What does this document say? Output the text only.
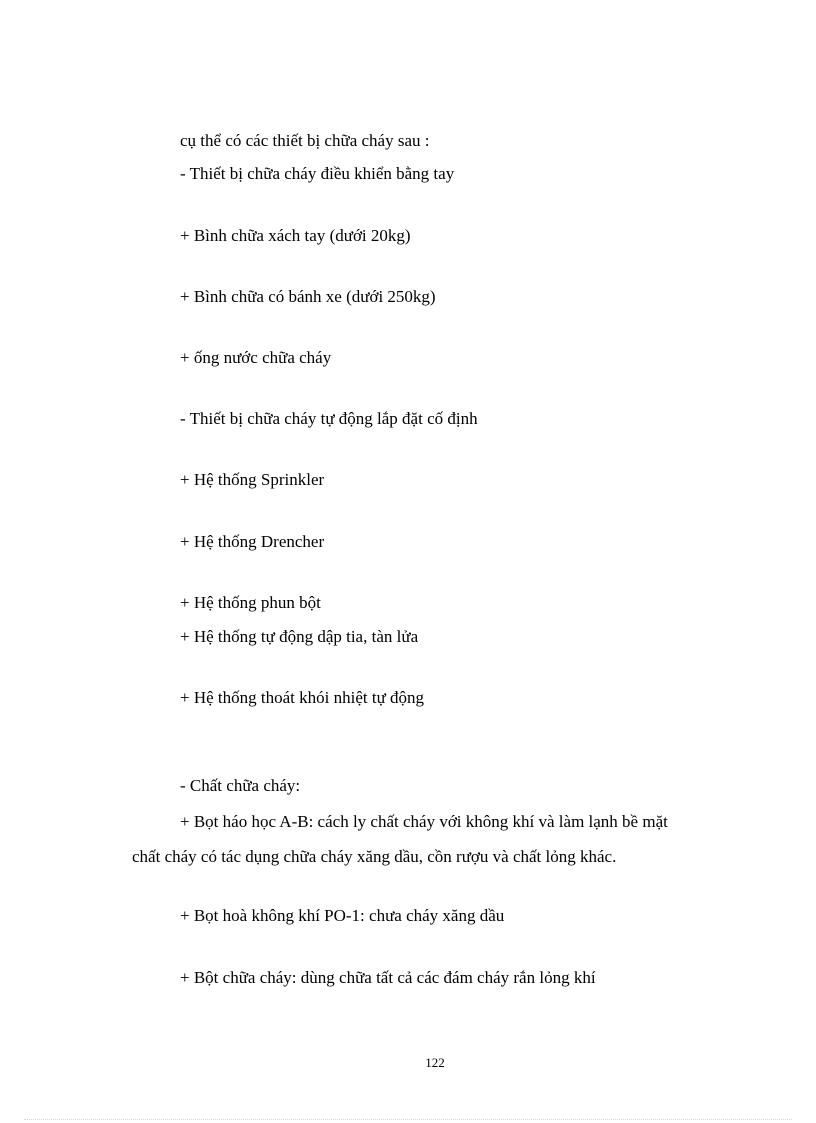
cụ thể có các thiết bị chữa cháy sau :
- Thiết bị chữa cháy điều khiển bằng tay
+ Bình chữa xách tay (dưới 20kg)
+ Bình chữa có bánh xe (dưới 250kg)
+ ống nước chữa cháy
- Thiết bị chữa cháy tự động lắp đặt cố định
+ Hệ thống Sprinkler
+ Hệ thống Drencher
+ Hệ thống phun bột
+ Hệ thống tự động dập tia, tàn lửa
+ Hệ thống thoát khói nhiệt tự động
- Chất chữa cháy:
+ Bọt háo học A-B: cách ly chất cháy với không khí và làm lạnh bề mặt
chất cháy có tác dụng chữa cháy xăng dầu, cồn rượu và chất lỏng khác.
+ Bọt hoà không khí PO-1: chưa cháy xăng dầu
+ Bột chữa cháy: dùng chữa tất cả các đám cháy rắn lỏng khí
122
